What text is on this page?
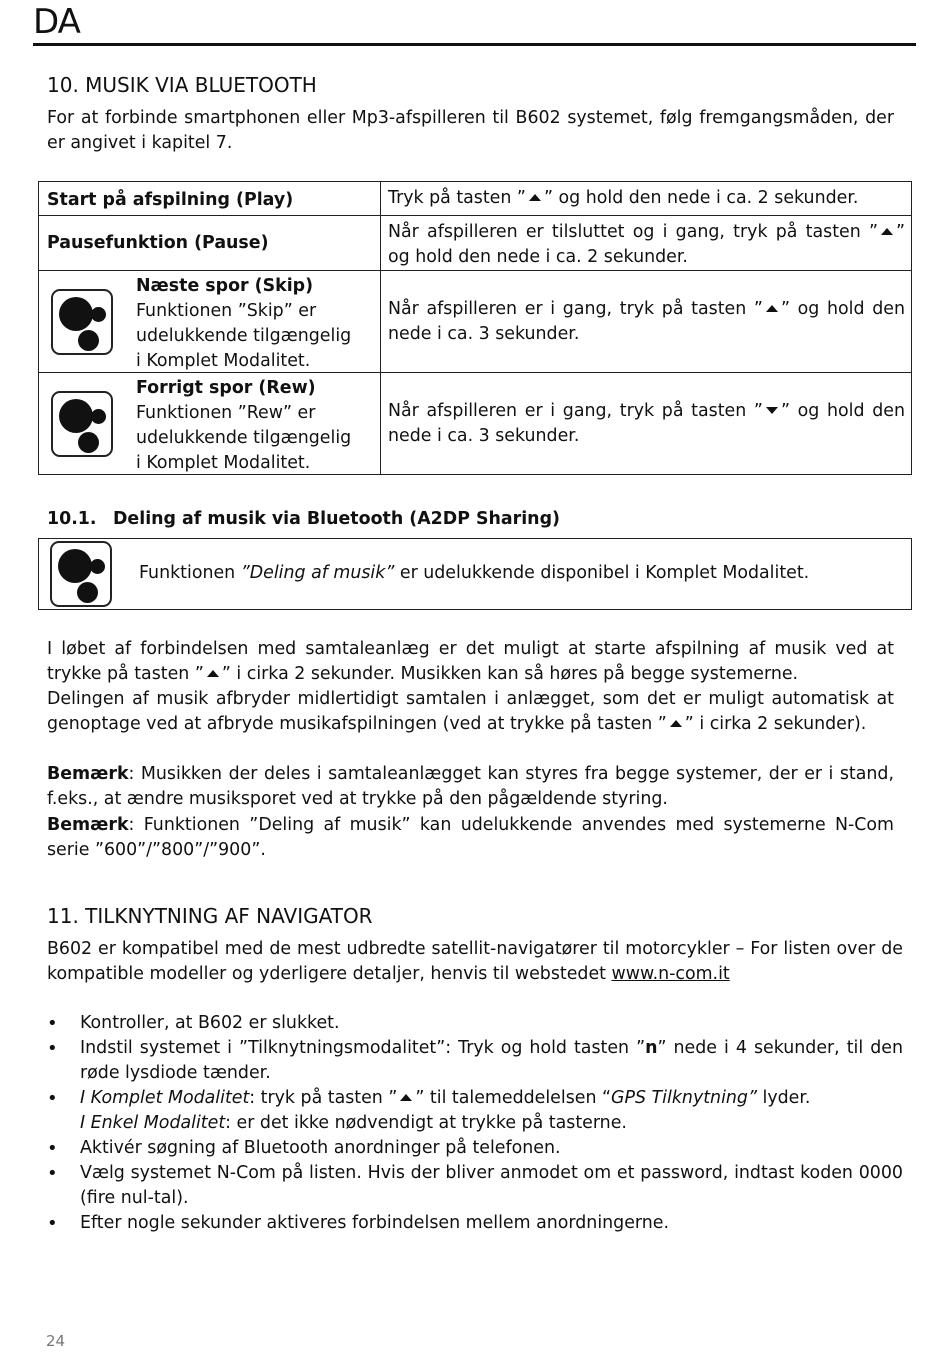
DA
10. MUSIK VIA BLUETOOTH
For at forbinde smartphonen eller Mp3-afspilleren til B602 systemet, følg fremgangsmåden, der er angivet i kapitel 7.
Start på afspilning (Play)	Tryk på tasten ” ” og hold den nede i ca. 2 sekunder.
Pausefunktion (Pause)	Når afspilleren er tilsluttet og i gang, tryk på tasten ” ” og hold den nede i ca. 2 sekunder.

Næste spor (Skip)
Funktionen ”Skip” er
udelukkende tilgængelig
i Komplet Modalitet.	Når afspilleren er i gang, tryk på tasten ” ” og hold den nede i ca. 3 sekunder.

Forrigt spor (Rew)
Funktionen ”Rew” er
udelukkende tilgængelig
i Komplet Modalitet.	Når afspilleren er i gang, tryk på tasten ” ” og hold den nede i ca. 3 sekunder.
10.1. Deling af musik via Bluetooth (A2DP Sharing)
Funktionen ”Deling af musik” er udelukkende disponibel i Komplet Modalitet.
I løbet af forbindelsen med samtaleanlæg er det muligt at starte afspilning af musik ved at trykke på tasten ” ” i cirka 2 sekunder. Musikken kan så høres på begge systemerne.
Delingen af musik afbryder midlertidigt samtalen i anlægget, som det er muligt automatisk at genoptage ved at afbryde musikafspilningen (ved at trykke på tasten ” ” i cirka 2 sekunder).
Bemærk: Musikken der deles i samtaleanlægget kan styres fra begge systemer, der er i stand, f.eks., at ændre musiksporet ved at trykke på den pågældende styring.
Bemærk: Funktionen ”Deling af musik” kan udelukkende anvendes med systemerne N-Com serie ”600”/”800”/”900”.
11. TILKNYTNING AF NAVIGATOR
B602 er kompatibel med de mest udbredte satellit-navigatører til motorcykler – For listen over de kompatible modeller og yderligere detaljer, henvis til webstedet www.n-com.it
• Kontroller, at B602 er slukket.
• Indstil systemet i ”Tilknytningsmodalitet”: Tryk og hold tasten ”n” nede i 4 sekunder, til den røde lysdiode tænder.
• I Komplet Modalitet: tryk på tasten ” ” til talemeddelelsen “GPS Tilknytning” lyder.
I Enkel Modalitet: er det ikke nødvendigt at trykke på tasterne.
• Aktivér søgning af Bluetooth anordninger på telefonen.
• Vælg systemet N-Com på listen. Hvis der bliver anmodet om et password, indtast koden 0000 (fire nul-tal).
• Efter nogle sekunder aktiveres forbindelsen mellem anordningerne.
24
